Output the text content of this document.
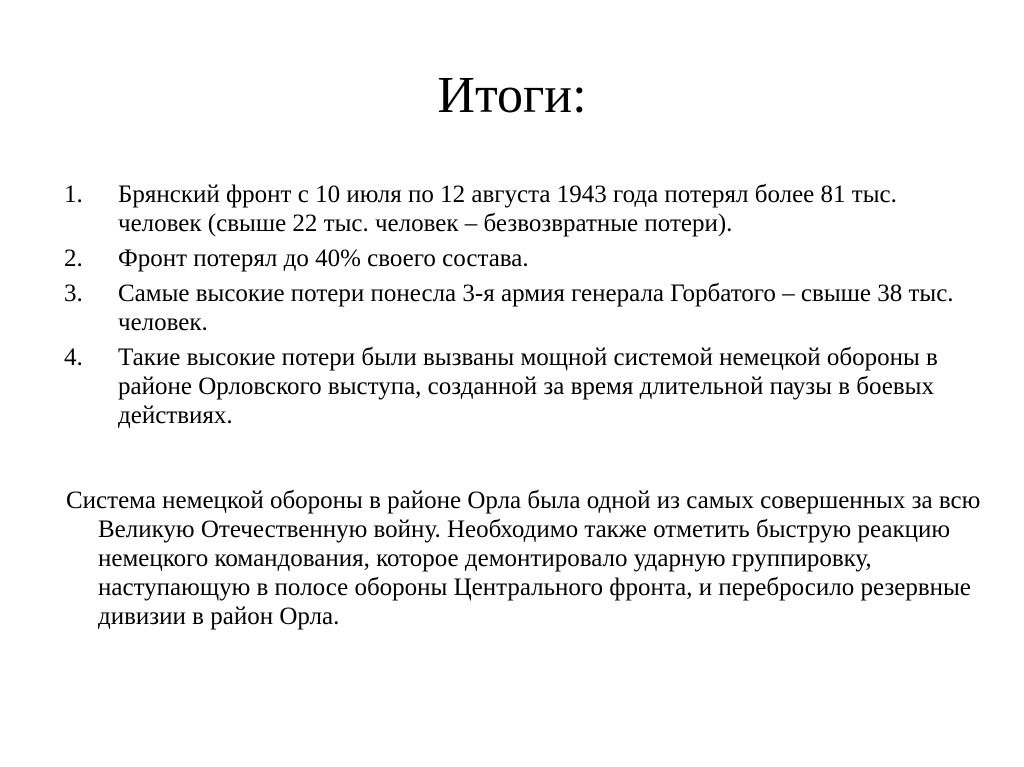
Итоги:
1.	Брянский фронт с 10 июля по 12 августа 1943 года потерял более 81 тыс. человек (свыше 22 тыс. человек – безвозвратные потери).
2.	Фронт потерял до 40% своего состава.
3.	Самые высокие потери понесла 3-я армия генерала Горбатого – свыше 38 тыс. человек.
4.	Такие высокие потери были вызваны мощной системой немецкой обороны в районе Орловского выступа, созданной за время длительной паузы в боевых действиях.
Система немецкой обороны в районе Орла была одной из самых совершенных за всю Великую Отечественную войну. Необходимо также отметить быструю реакцию немецкого командования, которое демонтировало ударную группировку, наступающую в полосе обороны Центрального фронта, и перебросило резервные дивизии в район Орла.
